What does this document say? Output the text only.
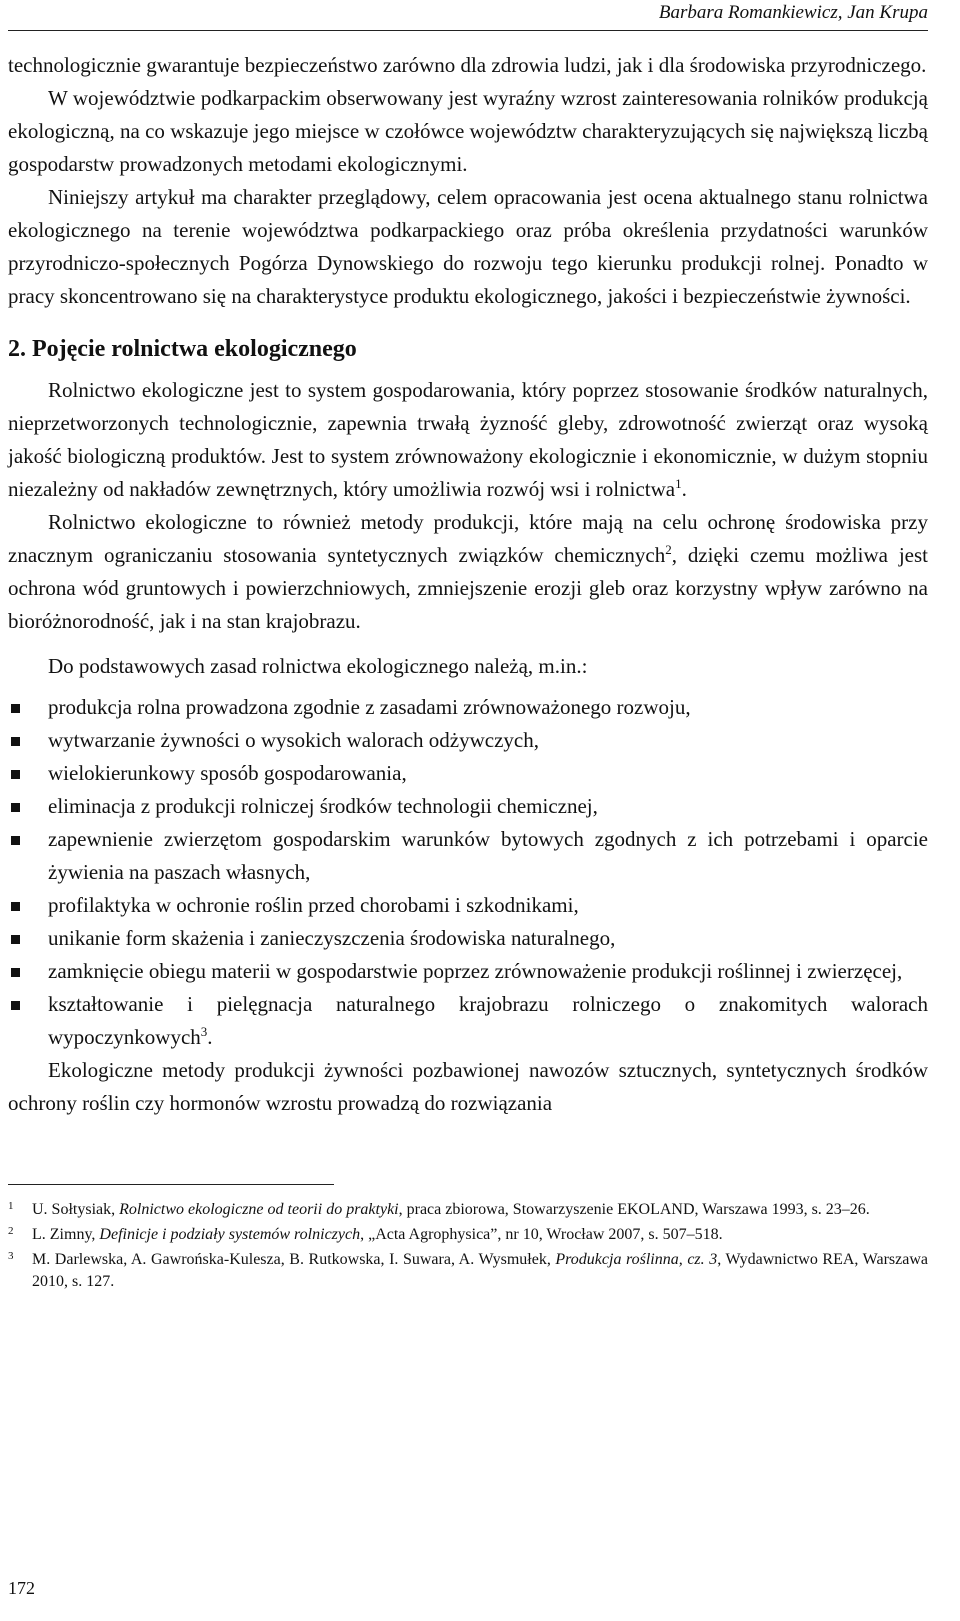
Barbara Romankiewicz, Jan Krupa

technologicznie gwarantuje bezpieczeństwo zarówno dla zdrowia ludzi, jak i dla środowiska przyrodniczego.

W województwie podkarpackim obserwowany jest wyraźny wzrost zainteresowania rolników produkcją ekologiczną, na co wskazuje jego miejsce w czołówce województw charakteryzujących się największą liczbą gospodarstw prowadzonych metodami ekologicznymi.

Niniejszy artykuł ma charakter przeglądowy, celem opracowania jest ocena aktualnego stanu rolnictwa ekologicznego na terenie województwa podkarpackiego oraz próba określenia przydatności warunków przyrodniczo-społecznych Pogórza Dynowskiego do rozwoju tego kierunku produkcji rolnej. Ponadto w pracy skoncentrowano się na charakterystyce produktu ekologicznego, jakości i bezpieczeństwie żywności.

2. Pojęcie rolnictwa ekologicznego

Rolnictwo ekologiczne jest to system gospodarowania, który poprzez stosowanie środków naturalnych, nieprzetworzonych technologicznie, zapewnia trwałą żyzność gleby, zdrowotność zwierząt oraz wysoką jakość biologiczną produktów. Jest to system zrównoważony ekologicznie i ekonomicznie, w dużym stopniu niezależny od nakładów zewnętrznych, który umożliwia rozwój wsi i rolnictwa$^1$.

Rolnictwo ekologiczne to również metody produkcji, które mają na celu ochronę środowiska przy znacznym ograniczaniu stosowania syntetycznych związków chemicznych$^2$, dzięki czemu możliwa jest ochrona wód gruntowych i powierzchniowych, zmniejszenie erozji gleb oraz korzystny wpływ zarówno na bioróżnorodność, jak i na stan krajobrazu.

Do podstawowych zasad rolnictwa ekologicznego należą, m.in.:

produkcja rolna prowadzona zgodnie z zasadami zrównoważonego rozwoju,
wytwarzanie żywności o wysokich walorach odżywczych,
wielokierunkowy sposób gospodarowania,
eliminacja z produkcji rolniczej środków technologii chemicznej,
zapewnienie zwierzętom gospodarskim warunków bytowych zgodnych z ich potrzebami i oparcie żywienia na paszach własnych,
profilaktyka w ochronie roślin przed chorobami i szkodnikami,
unikanie form skażenia i zanieczyszczenia środowiska naturalnego,
zamknięcie obiegu materii w gospodarstwie poprzez zrównoważenie produkcji roślinnej i zwierzęcej,
kształtowanie i pielęgnacja naturalnego krajobrazu rolniczego o znakomitych walorach wypoczynkowych$^3$.

Ekologiczne metody produkcji żywności pozbawionej nawozów sztucznych, syntetycznych środków ochrony roślin czy hormonów wzrostu prowadzą do rozwiązania

1 U. Sołtysiak, Rolnictwo ekologiczne od teorii do praktyki, praca zbiorowa, Stowarzyszenie EKOLAND, Warszawa 1993, s. 23–26.
2 L. Zimny, Definicje i podziały systemów rolniczych, „Acta Agrophysica”, nr 10, Wrocław 2007, s. 507–518.
3 M. Darlewska, A. Gawrońska-Kulesza, B. Rutkowska, I. Suwara, A. Wysmułek, Produkcja roślinna, cz. 3, Wydawnictwo REA, Warszawa 2010, s. 127.
172
